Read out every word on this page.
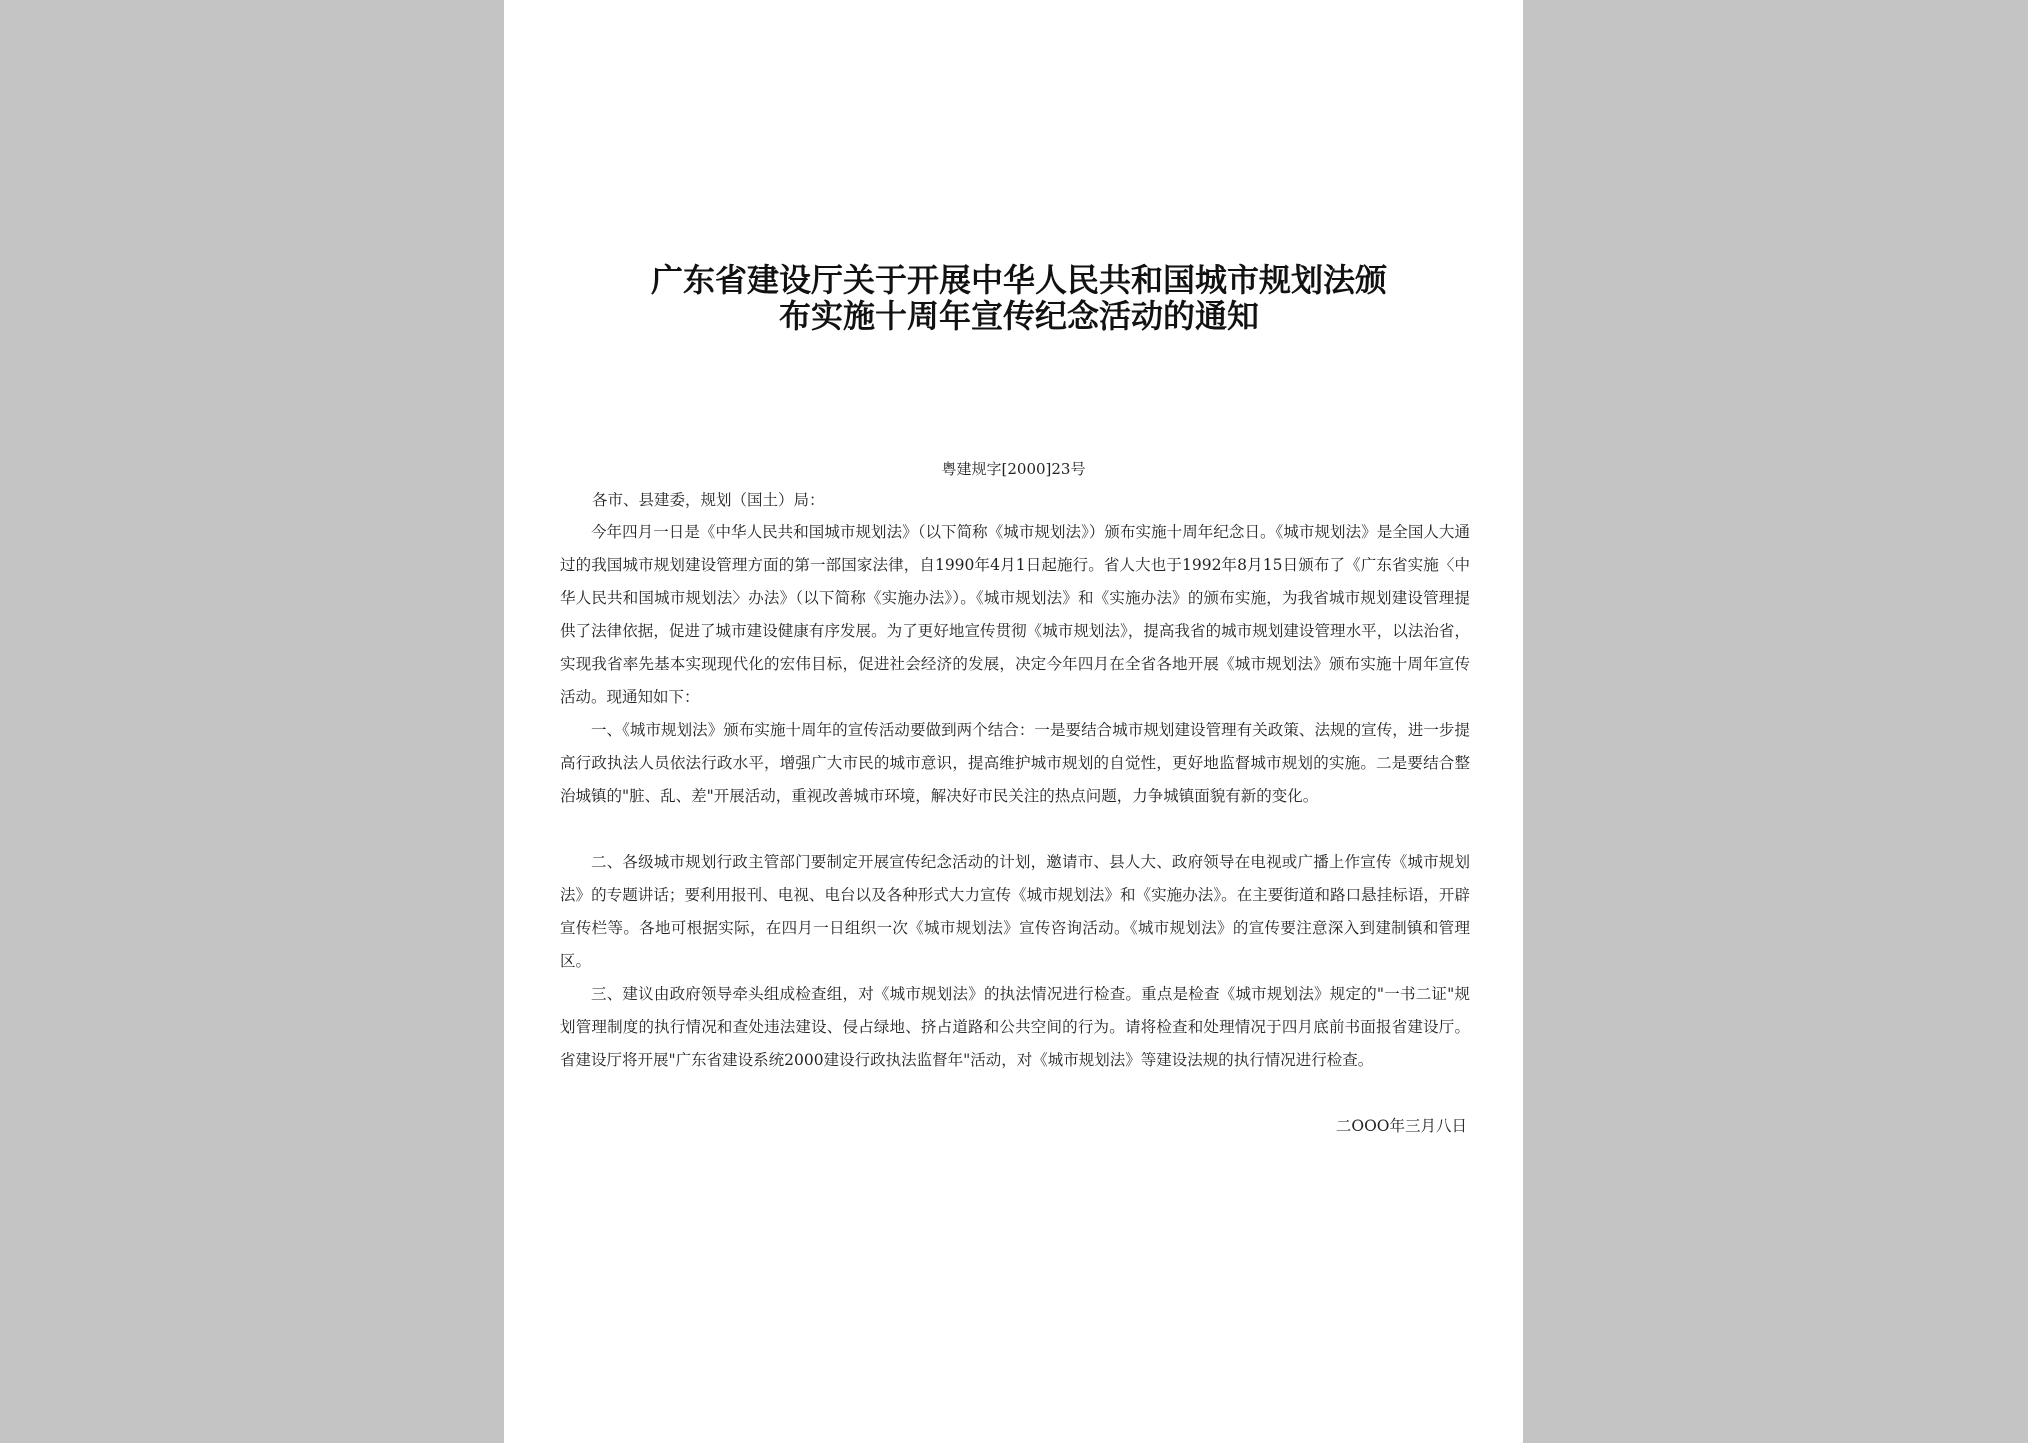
广东省建设厅关于开展中华人民共和国城市规划法颁
布实施十周年宣传纪念活动的通知
粤建规字[2000]23号
各市、县建委，规划（国土）局：

今年四月一日是《中华人民共和国城市规划法》（以下简称《城市规划法》）颁布实施十周年纪念日。《城市规划法》是全国人大通过的我国城市规划建设管理方面的第一部国家法律，自1990年4月1日起施行。省人大也于1992年8月15日颁布了《广东省实施〈中华人民共和国城市规划法〉办法》（以下简称《实施办法》）。《城市规划法》和《实施办法》的颁布实施，为我省城市规划建设管理提供了法律依据，促进了城市建设健康有序发展。为了更好地宣传贯彻《城市规划法》，提高我省的城市规划建设管理水平，以法治省，实现我省率先基本实现现代化的宏伟目标，促进社会经济的发展，决定今年四月在全省各地开展《城市规划法》颁布实施十周年宣传活动。现通知如下：

一、《城市规划法》颁布实施十周年的宣传活动要做到两个结合：一是要结合城市规划建设管理有关政策、法规的宣传，进一步提高行政执法人员依法行政水平，增强广大市民的城市意识，提高维护城市规划的自觉性，更好地监督城市规划的实施。二是要结合整治城镇的"脏、乱、差"开展活动，重视改善城市环境，解决好市民关注的热点问题，力争城镇面貌有新的变化。

二、各级城市规划行政主管部门要制定开展宣传纪念活动的计划，邀请市、县人大、政府领导在电视或广播上作宣传《城市规划法》的专题讲话；要利用报刊、电视、电台以及各种形式大力宣传《城市规划法》和《实施办法》。在主要街道和路口悬挂标语，开辟宣传栏等。各地可根据实际，在四月一日组织一次《城市规划法》宣传咨询活动。《城市规划法》的宣传要注意深入到建制镇和管理区。

三、建议由政府领导牵头组成检查组，对《城市规划法》的执法情况进行检查。重点是检查《城市规划法》规定的"一书二证"规划管理制度的执行情况和查处违法建设、侵占绿地、挤占道路和公共空间的行为。请将检查和处理情况于四月底前书面报省建设厅。省建设厅将开展"广东省建设系统2000建设行政执法监督年"活动，对《城市规划法》等建设法规的执行情况进行检查。

二OOO年三月八日
